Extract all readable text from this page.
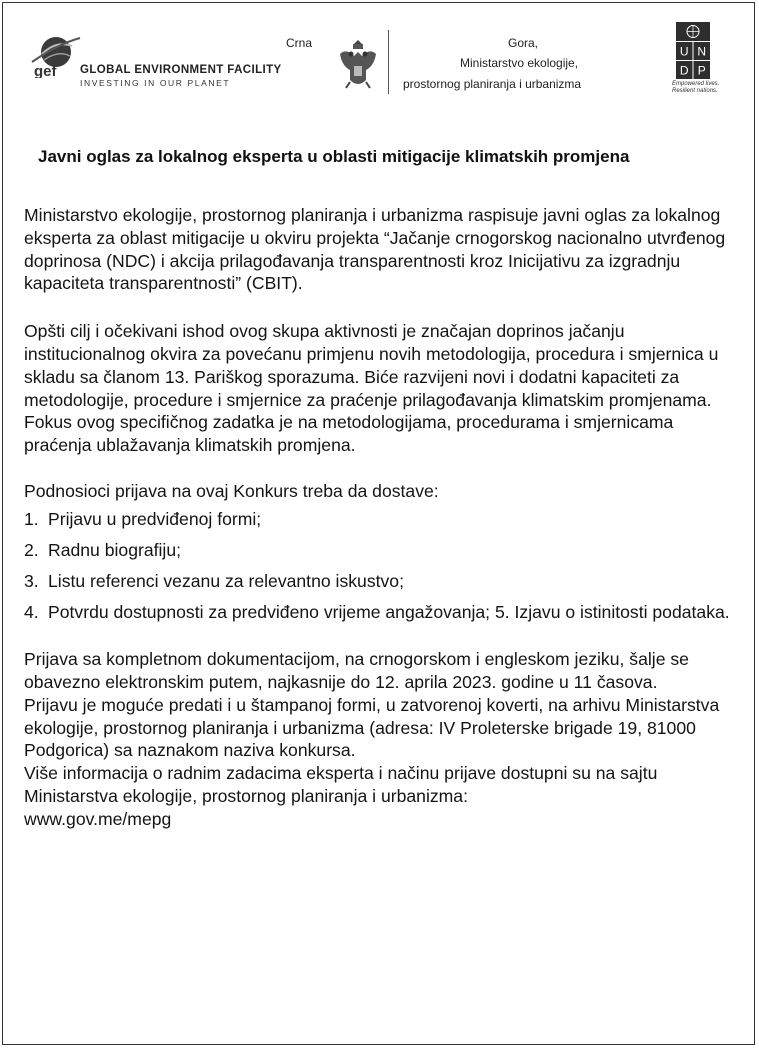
gef GLOBAL ENVIRONMENT FACILITY
INVESTING IN OUR PLANET
Crna	Gora,
Ministarstvo ekologije,
prostornog planiranja i urbanizma
U N
D P
Empowered lives.
Resilient nations.
Javni oglas za lokalnog eksperta u oblasti mitigacije klimatskih promjena

Ministarstvo ekologije, prostornog planiranja i urbanizma raspisuje javni oglas za lokalnog eksperta za oblast mitigacije u okviru projekta “Jačanje crnogorskog nacionalno utvrđenog doprinosa (NDC) i akcija prilagođavanja transparentnosti kroz Inicijativu za izgradnju kapaciteta transparentnosti” (CBIT).

Opšti cilj i očekivani ishod ovog skupa aktivnosti je značajan doprinos jačanju institucionalnog okvira za povećanu primjenu novih metodologija, procedura i smjernica u skladu sa članom 13. Pariškog sporazuma. Biće razvijeni novi i dodatni kapaciteti za metodologije, procedure i smjernice za praćenje prilagođavanja klimatskim promjenama. Fokus ovog specifičnog zadatka je na metodologijama, procedurama i smjernicama praćenja ublažavanja klimatskih promjena.

Podnosioci prijava na ovaj Konkurs treba da dostave:

1. Prijavu u predviđenoj formi;
2. Radnu biografiju;
3. Listu referenci vezanu za relevantno iskustvo;
4. Potvrdu dostupnosti za predviđeno vrijeme angažovanja; 5. Izjavu o istinitosti podataka.

Prijava sa kompletnom dokumentacijom, na crnogorskom i engleskom jeziku, šalje se obavezno elektronskim putem, najkasnije do 12. aprila 2023. godine u 11 časova.

Prijavu je moguće predati i u štampanoj formi, u zatvorenoj koverti, na arhivu Ministarstva ekologije, prostornog planiranja i urbanizma (adresa: IV Proleterske brigade 19, 81000 Podgorica) sa naznakom naziva konkursa.

Više informacija o radnim zadacima eksperta i načinu prijave dostupni su na sajtu Ministarstva ekologije, prostornog planiranja i urbanizma:

www.gov.me/mepg
